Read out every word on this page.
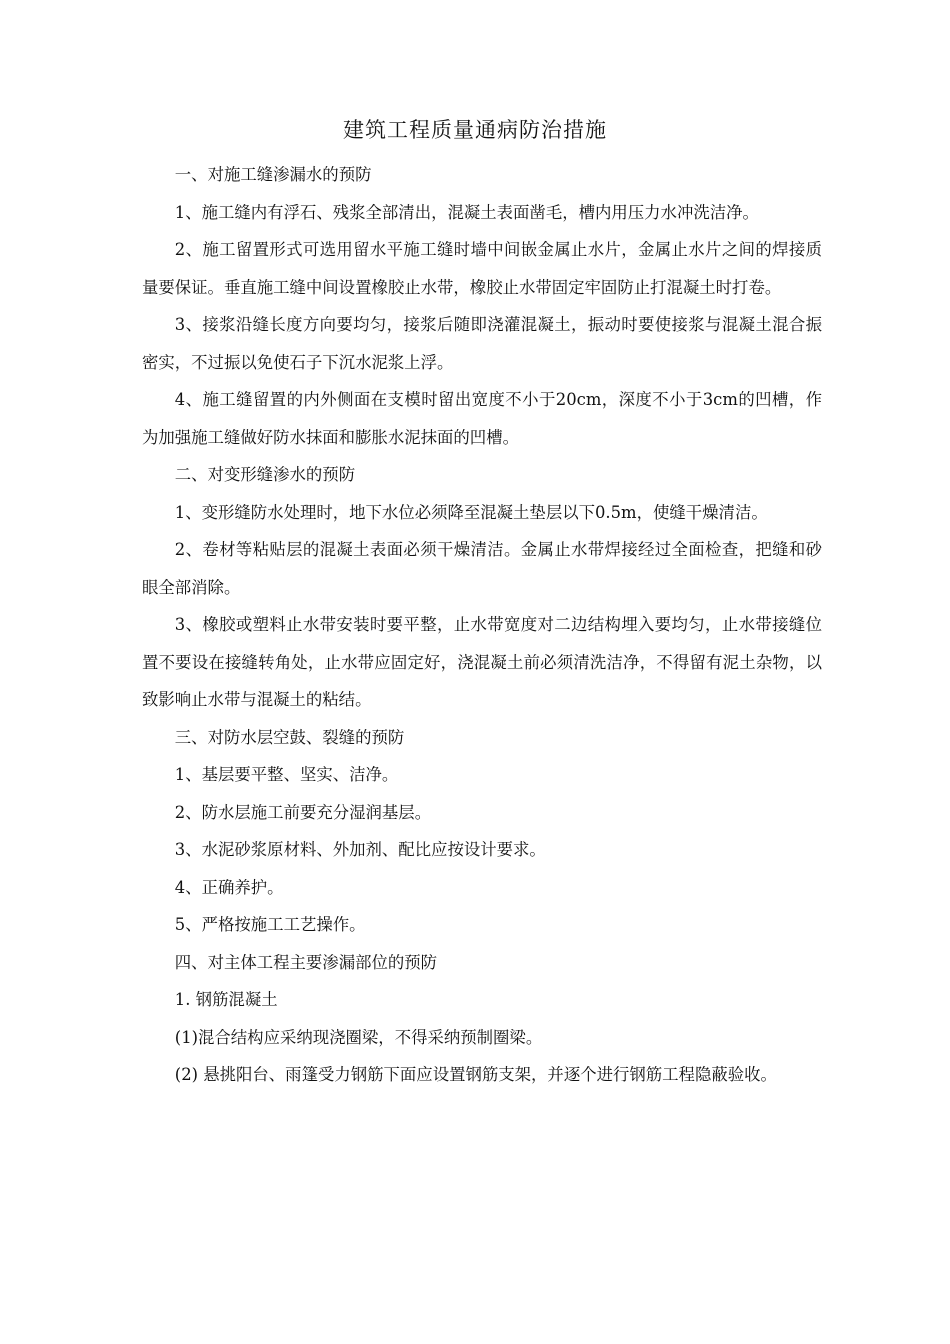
建筑工程质量通病防治措施

一、对施工缝渗漏水的预防

1、施工缝内有浮石、残浆全部清出，混凝土表面凿毛，槽内用压力水冲洗洁净。

2、施工留置形式可选用留水平施工缝时墙中间嵌金属止水片，金属止水片之间的焊接质量要保证。垂直施工缝中间设置橡胶止水带，橡胶止水带固定牢固防止打混凝土时打卷。

3、接浆沿缝长度方向要均匀，接浆后随即浇灌混凝土，振动时要使接浆与混凝土混合振密实，不过振以免使石子下沉水泥浆上浮。

4、施工缝留置的内外侧面在支模时留出宽度不小于20cm，深度不小于3cm的凹槽，作为加强施工缝做好防水抹面和膨胀水泥抹面的凹槽。

二、对变形缝渗水的预防

1、变形缝防水处理时，地下水位必须降至混凝土垫层以下0.5m，使缝干燥清洁。

2、卷材等粘贴层的混凝土表面必须干燥清洁。金属止水带焊接经过全面检查，把缝和砂眼全部消除。

3、橡胶或塑料止水带安装时要平整，止水带宽度对二边结构埋入要均匀，止水带接缝位置不要设在接缝转角处，止水带应固定好，浇混凝土前必须清洗洁净，不得留有泥土杂物，以致影响止水带与混凝土的粘结。

三、对防水层空鼓、裂缝的预防

1、基层要平整、坚实、洁净。

2、防水层施工前要充分湿润基层。

3、水泥砂浆原材料、外加剂、配比应按设计要求。

4、正确养护。

5、严格按施工工艺操作。

四、对主体工程主要渗漏部位的预防

1. 钢筋混凝土

(1)混合结构应采纳现浇圈梁，不得采纳预制圈梁。

(2) 悬挑阳台、雨篷受力钢筋下面应设置钢筋支架，并逐个进行钢筋工程隐蔽验收。
